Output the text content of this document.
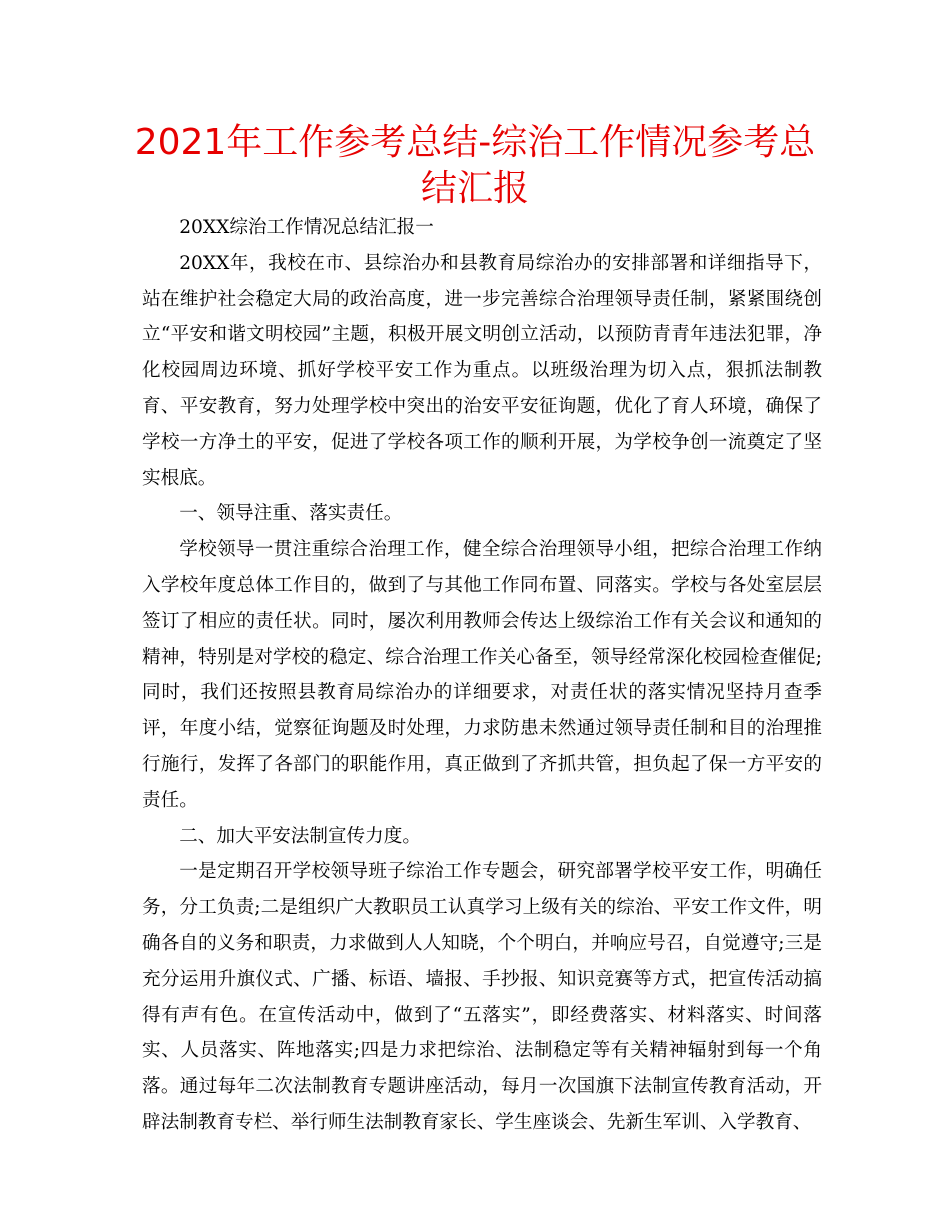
2021年工作参考总结-综治工作情况参考总结汇报

20XX综治工作情况总结汇报一

20XX年，我校在市、县综治办和县教育局综治办的安排部署和详细指导下，站在维护社会稳定大局的政治高度，进一步完善综合治理领导责任制，紧紧围绕创立“平安和谐文明校园”主题，积极开展文明创立活动，以预防青青年违法犯罪，净化校园周边环境、抓好学校平安工作为重点。以班级治理为切入点，狠抓法制教育、平安教育，努力处理学校中突出的治安平安征询题，优化了育人环境，确保了学校一方净土的平安，促进了学校各项工作的顺利开展，为学校争创一流奠定了坚实根底。

一、领导注重、落实责任。

学校领导一贯注重综合治理工作，健全综合治理领导小组，把综合治理工作纳入学校年度总体工作目的，做到了与其他工作同布置、同落实。学校与各处室层层签订了相应的责任状。同时，屡次利用教师会传达上级综治工作有关会议和通知的精神，特别是对学校的稳定、综合治理工作关心备至，领导经常深化校园检查催促;同时，我们还按照县教育局综治办的详细要求，对责任状的落实情况坚持月查季评，年度小结，觉察征询题及时处理，力求防患未然通过领导责任制和目的治理推行施行，发挥了各部门的职能作用，真正做到了齐抓共管，担负起了保一方平安的责任。

二、加大平安法制宣传力度。

一是定期召开学校领导班子综治工作专题会，研究部署学校平安工作，明确任务，分工负责;二是组织广大教职员工认真学习上级有关的综治、平安工作文件，明确各自的义务和职责，力求做到人人知晓，个个明白，并响应号召，自觉遵守;三是充分运用升旗仪式、广播、标语、墙报、手抄报、知识竞赛等方式，把宣传活动搞得有声有色。在宣传活动中，做到了“五落实”，即经费落实、材料落实、时间落实、人员落实、阵地落实;四是力求把综治、法制稳定等有关精神辐射到每一个角落。通过每年二次法制教育专题讲座活动，每月一次国旗下法制宣传教育活动，开辟法制教育专栏、举行师生法制教育家长、学生座谈会、先新生军训、入学教育、
